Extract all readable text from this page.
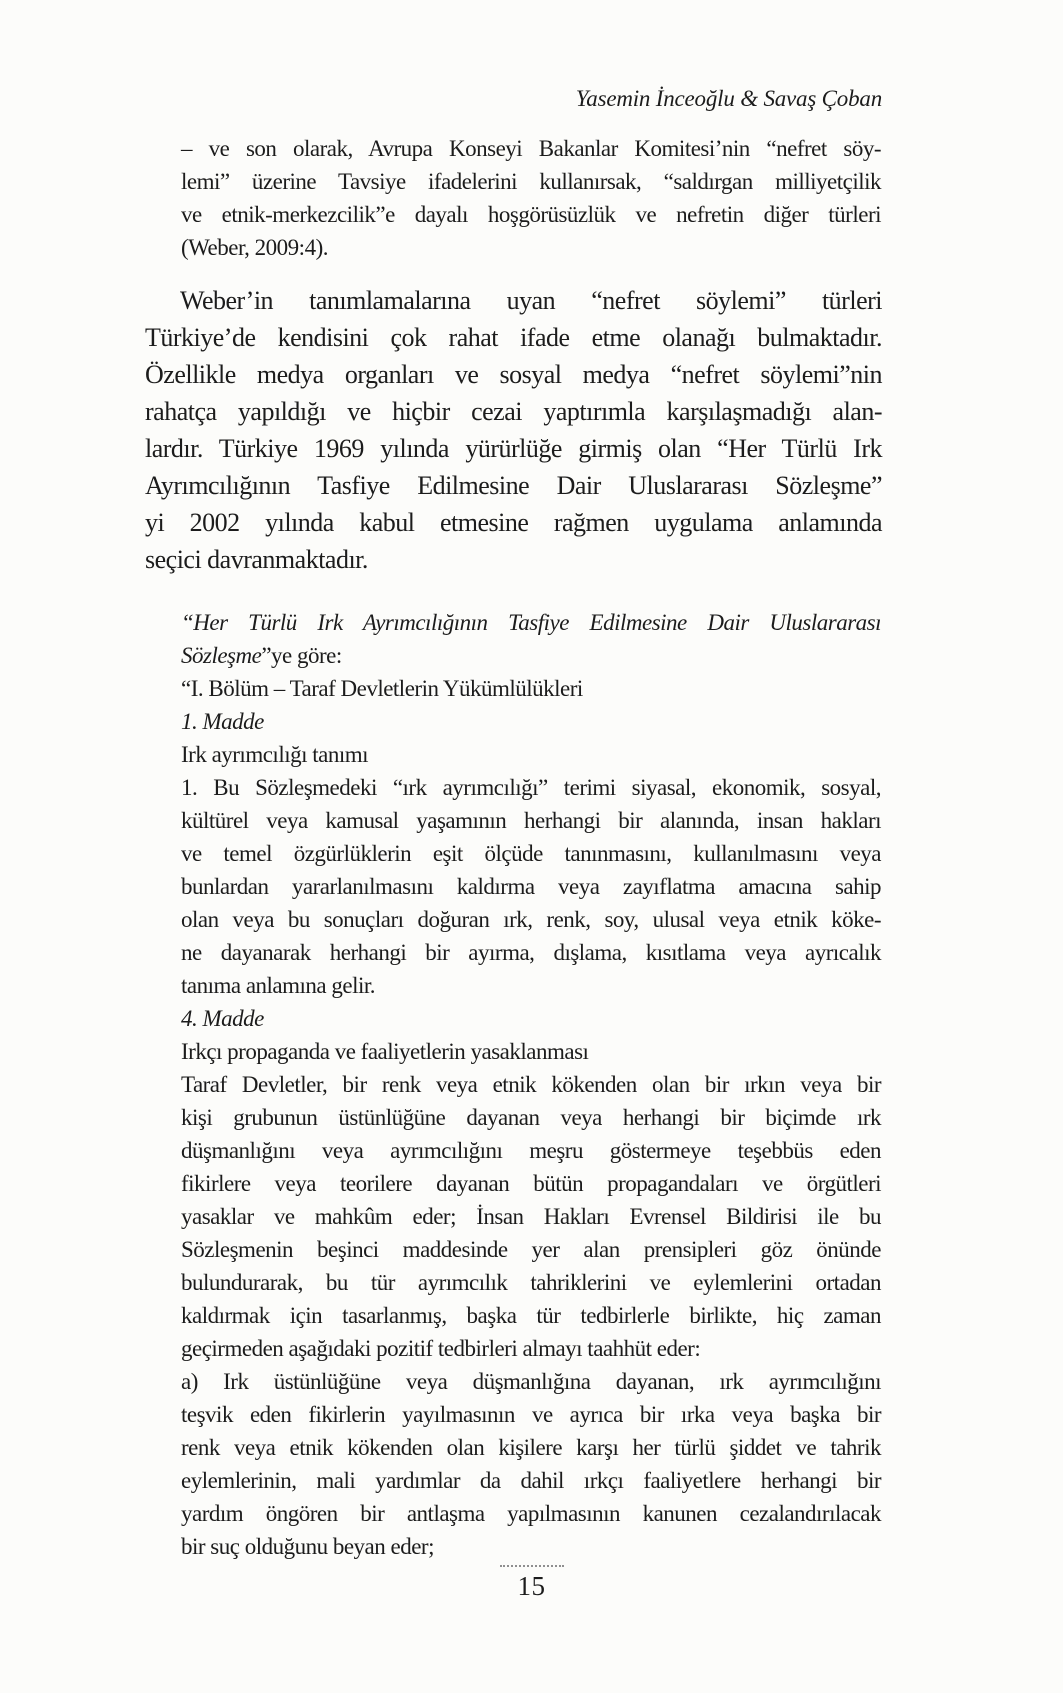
Yasemin İnceoğlu & Savaş Çoban
– ve son olarak, Avrupa Konseyi Bakanlar Komitesi’nin “nefret söy-
lemi” üzerine Tavsiye ifadelerini kullanırsak, “saldırgan milliyetçilik
ve etnik-merkezcilik”e dayalı hoşgörüsüzlük ve nefretin diğer türleri
(Weber, 2009:4).
Weber’in tanımlamalarına uyan “nefret söylemi” türleri
Türkiye’de kendisini çok rahat ifade etme olanağı bulmaktadır.
Özellikle medya organları ve sosyal medya “nefret söylemi”nin
rahatça yapıldığı ve hiçbir cezai yaptırımla karşılaşmadığı alan-
lardır. Türkiye 1969 yılında yürürlüğe girmiş olan “Her Türlü Irk
Ayrımcılığının Tasfiye Edilmesine Dair Uluslararası Sözleşme”
yi 2002 yılında kabul etmesine rağmen uygulama anlamında
seçici davranmaktadır.
“Her Türlü Irk Ayrımcılığının Tasfiye Edilmesine Dair Uluslararası
Sözleşme”ye göre:
“I. Bölüm – Taraf Devletlerin Yükümlülükleri
1. Madde
Irk ayrımcılığı tanımı
1. Bu Sözleşmedeki “ırk ayrımcılığı” terimi siyasal, ekonomik, sosyal,
kültürel veya kamusal yaşamının herhangi bir alanında, insan hakları
ve temel özgürlüklerin eşit ölçüde tanınmasını, kullanılmasını veya
bunlardan yararlanılmasını kaldırma veya zayıflatma amacına sahip
olan veya bu sonuçları doğuran ırk, renk, soy, ulusal veya etnik köke-
ne dayanarak herhangi bir ayırma, dışlama, kısıtlama veya ayrıcalık
tanıma anlamına gelir.
4. Madde
Irkçı propaganda ve faaliyetlerin yasaklanması
Taraf Devletler, bir renk veya etnik kökenden olan bir ırkın veya bir
kişi grubunun üstünlüğüne dayanan veya herhangi bir biçimde ırk
düşmanlığını veya ayrımcılığını meşru göstermeye teşebbüs eden
fikirlere veya teorilere dayanan bütün propagandaları ve örgütleri
yasaklar ve mahkûm eder; İnsan Hakları Evrensel Bildirisi ile bu
Sözleşmenin beşinci maddesinde yer alan prensipleri göz önünde
bulundurarak, bu tür ayrımcılık tahriklerini ve eylemlerini ortadan
kaldırmak için tasarlanmış, başka tür tedbirlerle birlikte, hiç zaman
geçirmeden aşağıdaki pozitif tedbirleri almayı taahhüt eder:
a) Irk üstünlüğüne veya düşmanlığına dayanan, ırk ayrımcılığını
teşvik eden fikirlerin yayılmasının ve ayrıca bir ırka veya başka bir
renk veya etnik kökenden olan kişilere karşı her türlü şiddet ve tahrik
eylemlerinin, mali yardımlar da dahil ırkçı faaliyetlere herhangi bir
yardım öngören bir antlaşma yapılmasının kanunen cezalandırılacak
bir suç olduğunu beyan eder;
15
